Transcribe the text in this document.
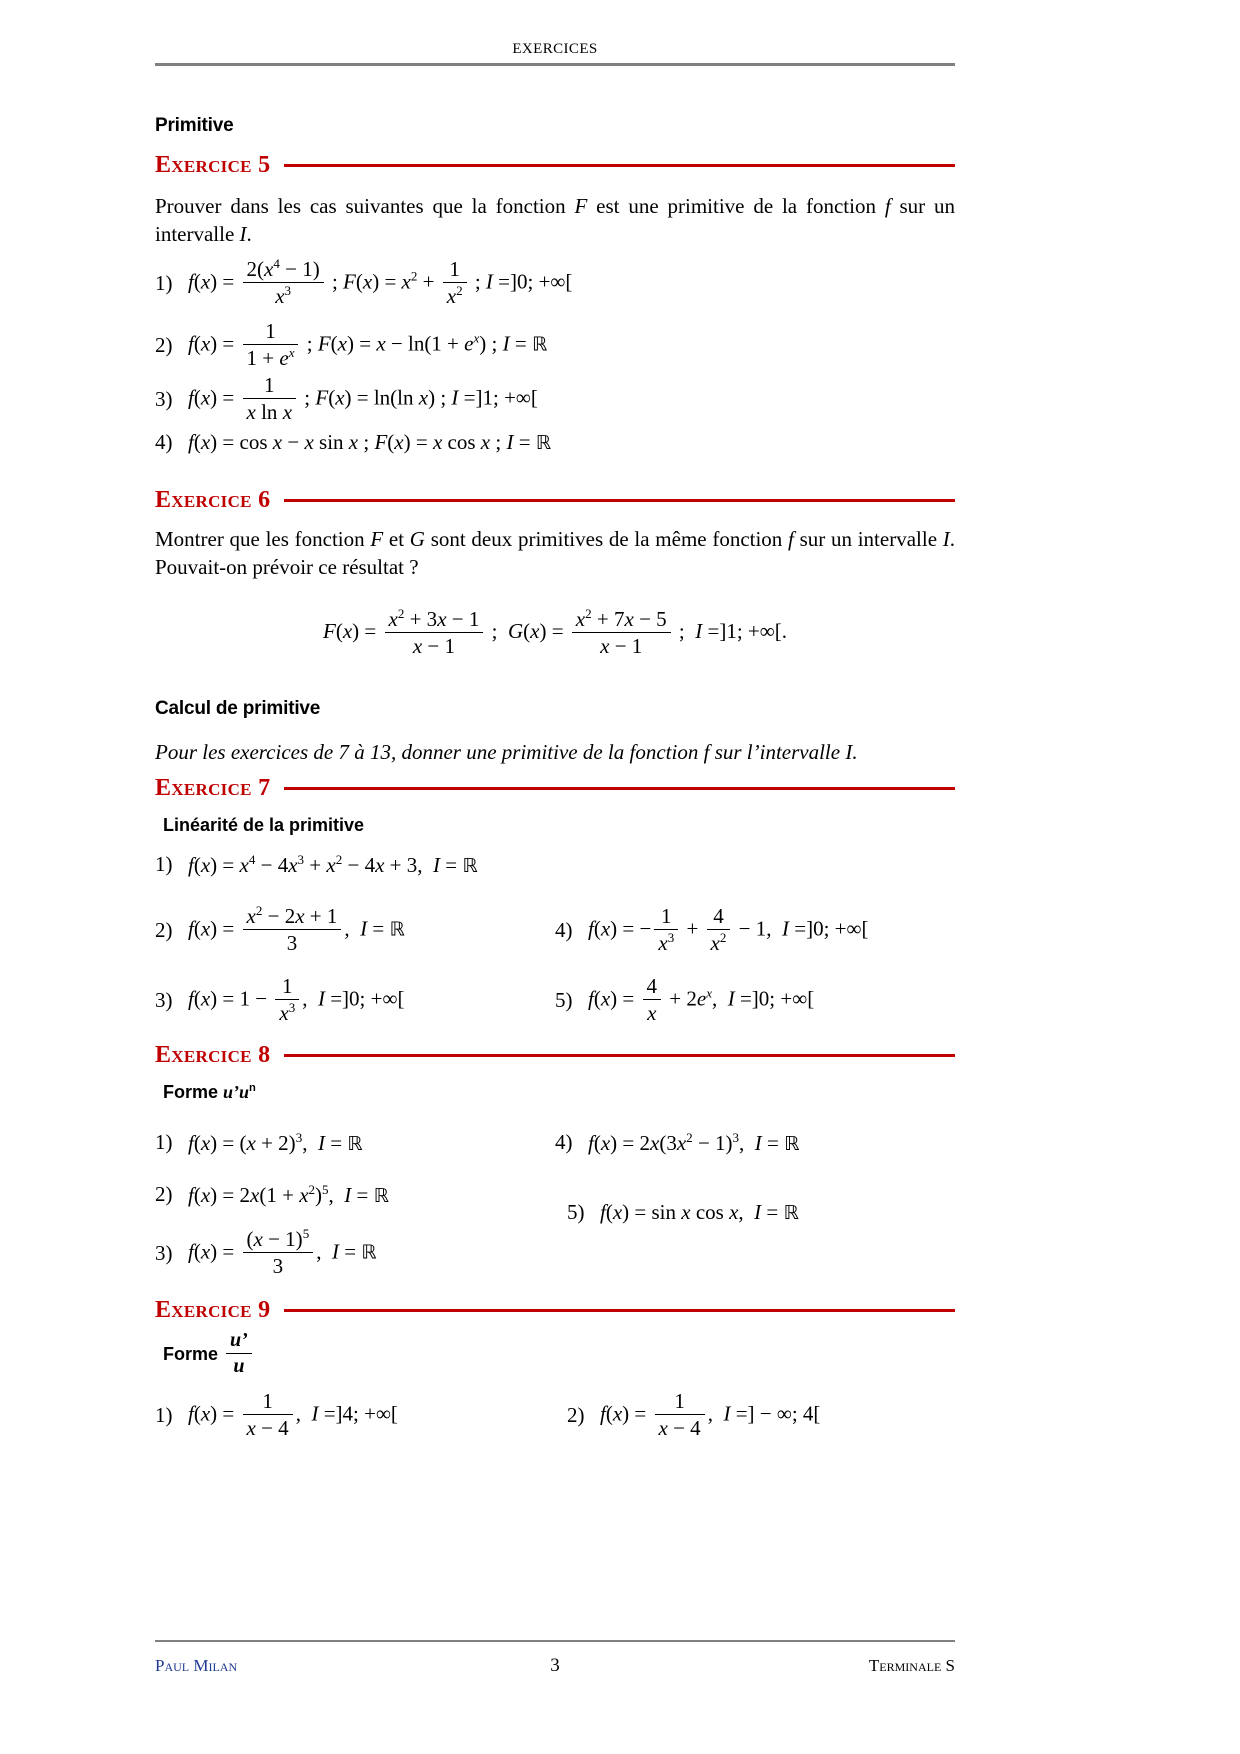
EXERCICES
Primitive
Exercice 5
Prouver dans les cas suivantes que la fonction F est une primitive de la fonction f sur un intervalle I.
1) $f(x) = \frac{2(x^4 - 1)}{x^3}$ ; $F(x) = x^2 + \frac{1}{x^2}$ ; I =]0; +∞[
2) $f(x) = \frac{1}{1 + e^x}$ ; $F(x) = x - \ln(1 + e^x)$ ; I = ℝ
3) $f(x) = \frac{1}{\text{x ln x}}$ ; F(x) = ln(ln x) ; I =]1; +∞[
4) f(x) = cos x − x sin x ; F(x) = x cos x ; I = ℝ
Exercice 6
Montrer que les fonction F et G sont deux primitives de la même fonction f sur un intervalle I. Pouvait-on prévoir ce résultat ?
$F(x) = \frac{x^2 + 3x - 1}{x - 1}$ ;  $G(x) = \frac{x^2 + 7x - 5}{x - 1}$ ;  I =]1; +∞[.
Calcul de primitive
Pour les exercices de 7 à 13, donner une primitive de la fonction f sur l’intervalle I.
Exercice 7
Linéarité de la primitive
1) $f(x) = x^4 - 4x^3 + x^2 - 4x + 3$,  I = ℝ
2) $f(x) = \frac{x^2 - 2x + 1}{3}$ ,  I = ℝ	4) f(x) = − $\frac{1}{x^3} + \frac{4}{x^2} - 1$,  I =]0; +∞[
3) $f(x) = 1 - \frac{1}{x^3}$ ,  I =]0; +∞[	5) $f(x) = \frac{4}{x} + 2e^x$,  I =]0; +∞[
Exercice 8
Forme $u’u^n$
1) $f(x) = (x + 2)^3$,  I = ℝ	4) $f(x) = 2x(3x^2 - 1)^3$,  I = ℝ
2) $f(x) = 2x(1 + x^2)^5$,  I = ℝ
5) f(x) = sin x cos x,  I = ℝ
3) $f(x) = \frac{(x - 1)^5}{3}$ ,  I = ℝ
Exercice 9
Forme $\frac{u’}{u}$
1) $f(x) = \frac{1}{x - 4}$ ,  I =]4; +∞[	2) $f(x) = \frac{1}{x - 4}$ ,  I =] − ∞; 4[
Paul Milan	3	Terminale S
